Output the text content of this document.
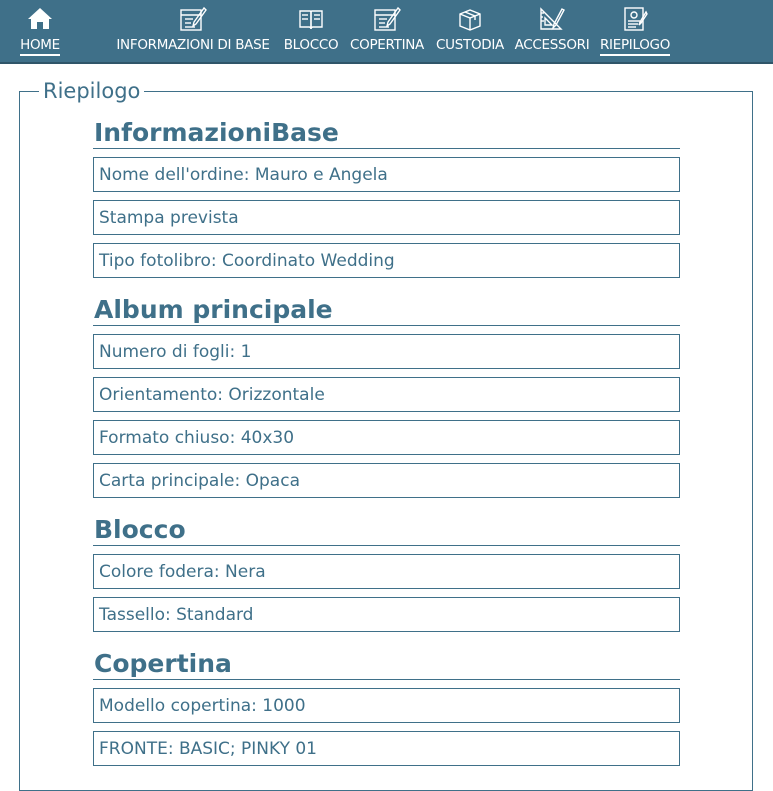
HOME	INFORMAZIONI DI BASE	BLOCCO COPERTINA CUSTODIA ACCESSORI RIEPILOGO
Riepilogo
InformazioniBase
Nome dell'ordine: Mauro e Angela
Stampa prevista
Tipo fotolibro: Coordinato Wedding
Album principale
Numero di fogli: 1
Orientamento: Orizzontale
Formato chiuso: 40x30
Carta principale: Opaca
Blocco
Colore fodera: Nera
Tassello: Standard
Copertina
Modello copertina: 1000
FRONTE: BASIC; PINKY 01
